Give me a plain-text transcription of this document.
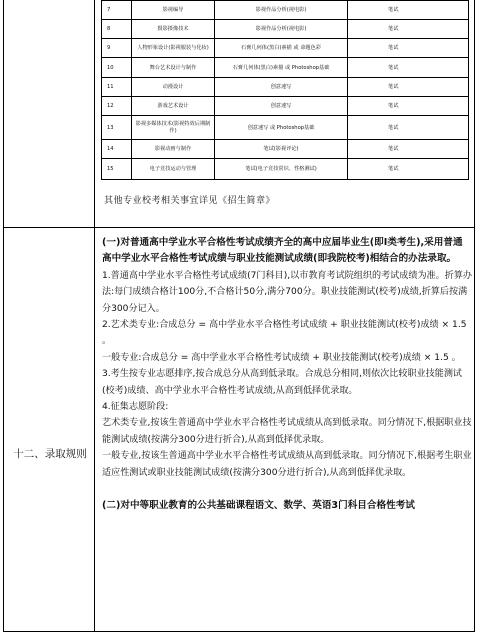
7	影视编导	影视作品分析(视电影)	笔试
8	摄影摄像技术	影视作品分析(视电影)	笔试
9	人物形象设计(影视服装与化妆)	石膏几何体(黑白)素描 或 命题色彩	笔试
10	舞台艺术设计与制作	石膏几何体(黑白)素描 或 Photoshop基础	笔试
11	动漫设计	创意速写	笔试
12	游戏艺术设计	创意速写	笔试
13	影视多媒体技术(影视特效后期制作)	创意速写 或 Photoshop基础	笔试
14	影视动画与制作	笔试(影视评论)	笔试
15	电子竞技运动与管理	笔试(电子竞技常识、性格测试)	笔试
其他专业校考相关事宜详见《招生简章》
十二、录取规则

(一)对普通高中学业水平合格性考试成绩齐全的高中应届毕业生(即Ⅰ类考生),采用普通高中学业水平合格性考试成绩与职业技能测试成绩(即我院校考)相结合的办法录取。

1.普通高中学业水平合格性考试成绩(7门科目),以市教育考试院组织的考试成绩为准。折算办法:每门成绩合格计100分,不合格计50分,满分700分。职业技能测试(校考)成绩,折算后按满分300分记入。

2.艺术类专业:合成总分 = 高中学业水平合格性考试成绩 + 职业技能测试(校考)成绩 × 1.5 。

一般专业:合成总分 = 高中学业水平合格性考试成绩 + 职业技能测试(校考)成绩 × 1.5 。

3.考生按专业志愿排序,按合成总分从高到低录取。合成总分相同,则依次比较职业技能测试(校考)成绩、高中学业水平合格性考试成绩,从高到低择优录取。

4.征集志愿阶段:

艺术类专业,按该生普通高中学业水平合格性考试成绩从高到低录取。同分情况下,根据职业技能测试成绩(按满分300分进行折合),从高到低择优录取。

一般专业,按该生普通高中学业水平合格性考试成绩从高到低录取。同分情况下,根据考生职业适应性测试或职业技能测试成绩(按满分300分进行折合),从高到低择优录取。

(二)对中等职业教育的公共基础课程语文、数学、英语3门科目合格性考试
